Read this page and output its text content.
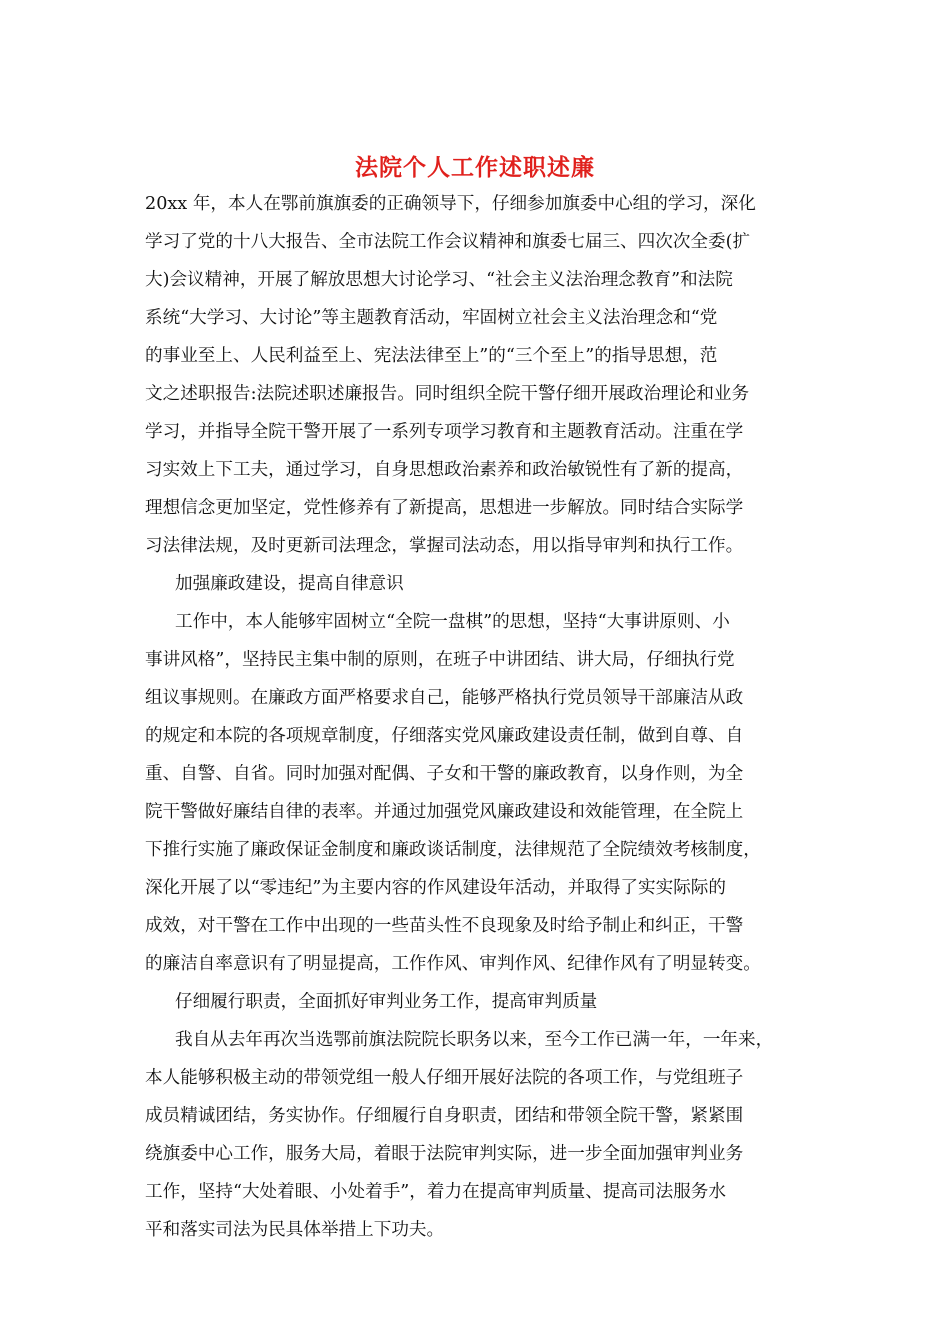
法院个人工作述职述廉
20xx 年，本人在鄂前旗旗委的正确领导下，仔细参加旗委中心组的学习，深化
学习了党的十八大报告、全市法院工作会议精神和旗委七届三、四次次全委(扩
大)会议精神，开展了解放思想大讨论学习、“社会主义法治理念教育”和法院
系统“大学习、大讨论”等主题教育活动，牢固树立社会主义法治理念和“党
的事业至上、人民利益至上、宪法法律至上”的“三个至上”的指导思想，范
文之述职报告:法院述职述廉报告。同时组织全院干警仔细开展政治理论和业务
学习，并指导全院干警开展了一系列专项学习教育和主题教育活动。注重在学
习实效上下工夫，通过学习，自身思想政治素养和政治敏锐性有了新的提高，
理想信念更加坚定，党性修养有了新提高，思想进一步解放。同时结合实际学
习法律法规，及时更新司法理念，掌握司法动态，用以指导审判和执行工作。
加强廉政建设，提高自律意识
工作中，本人能够牢固树立“全院一盘棋”的思想，坚持“大事讲原则、小
事讲风格”，坚持民主集中制的原则，在班子中讲团结、讲大局，仔细执行党
组议事规则。在廉政方面严格要求自己，能够严格执行党员领导干部廉洁从政
的规定和本院的各项规章制度，仔细落实党风廉政建设责任制，做到自尊、自
重、自警、自省。同时加强对配偶、子女和干警的廉政教育，以身作则，为全
院干警做好廉结自律的表率。并通过加强党风廉政建设和效能管理，在全院上
下推行实施了廉政保证金制度和廉政谈话制度，法律规范了全院绩效考核制度，
深化开展了以“零违纪”为主要内容的作风建设年活动，并取得了实实际际的
成效，对干警在工作中出现的一些苗头性不良现象及时给予制止和纠正，干警
的廉洁自率意识有了明显提高，工作作风、审判作风、纪律作风有了明显转变。
仔细履行职责，全面抓好审判业务工作，提高审判质量
我自从去年再次当选鄂前旗法院院长职务以来，至今工作已满一年，一年来，
本人能够积极主动的带领党组一般人仔细开展好法院的各项工作，与党组班子
成员精诚团结，务实协作。仔细履行自身职责，团结和带领全院干警，紧紧围
绕旗委中心工作，服务大局，着眼于法院审判实际，进一步全面加强审判业务
工作，坚持“大处着眼、小处着手”，着力在提高审判质量、提高司法服务水
平和落实司法为民具体举措上下功夫。
